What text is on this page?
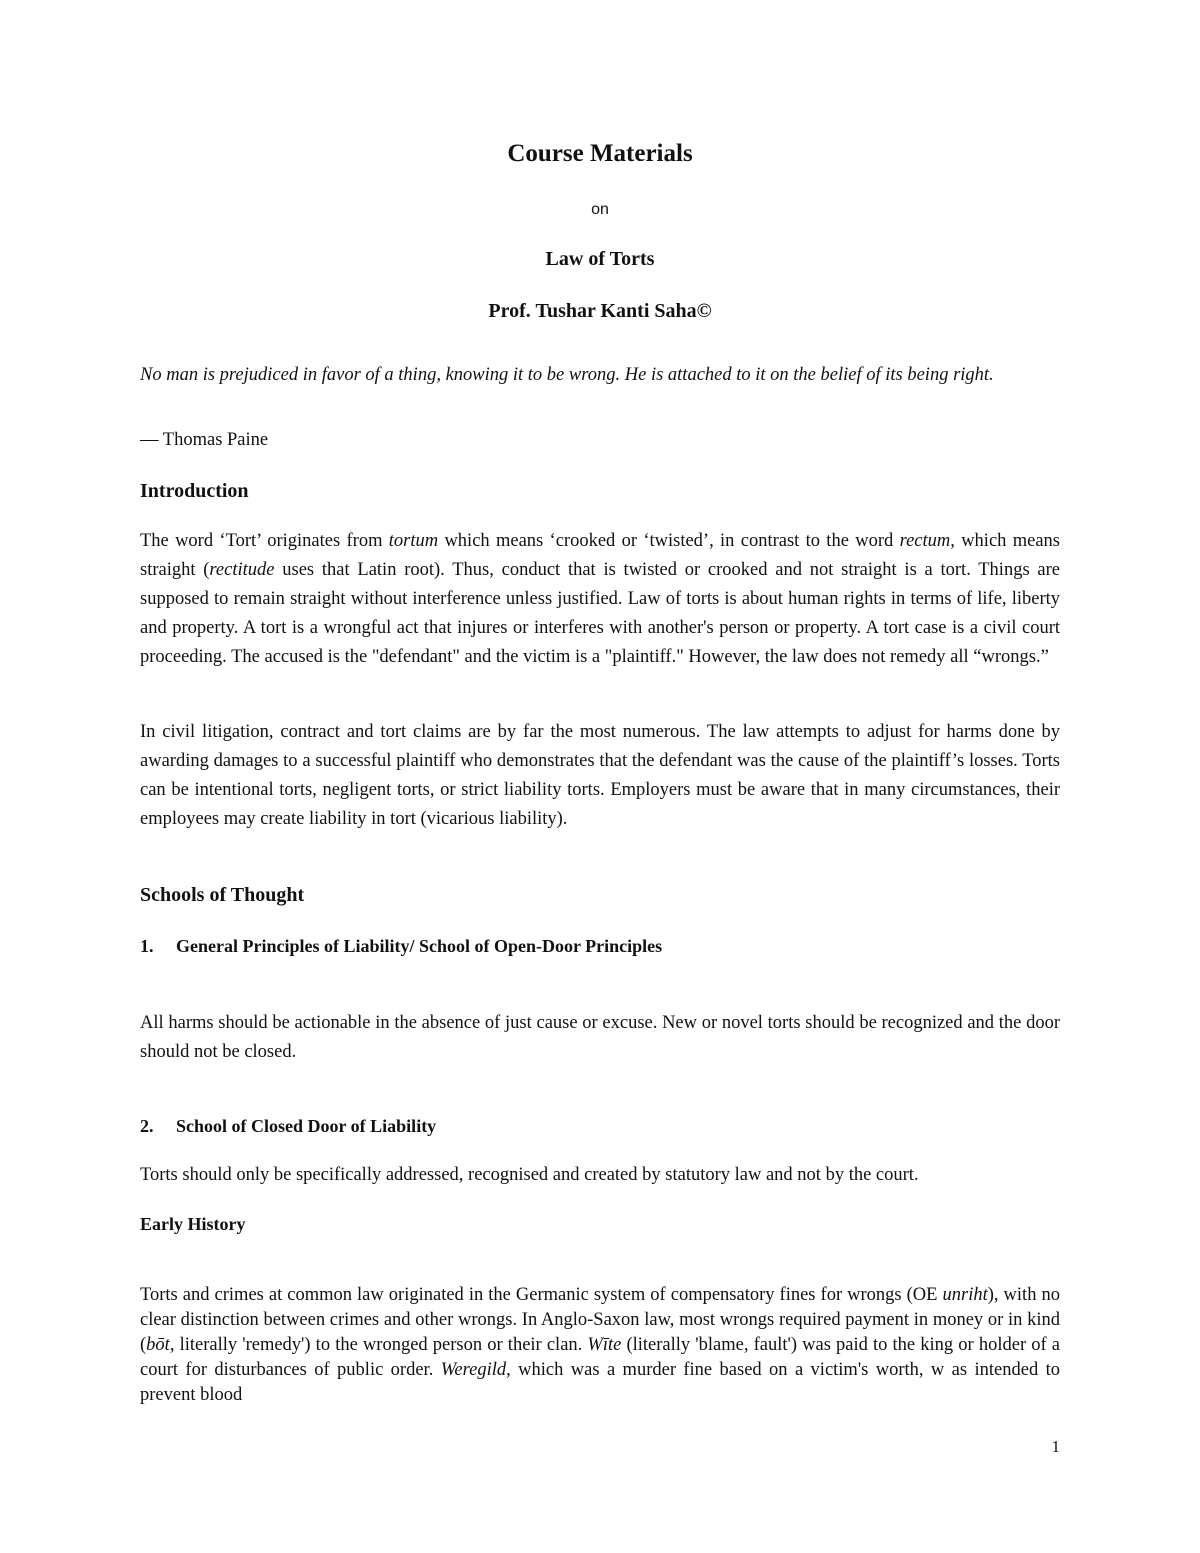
Course Materials
on
Law of Torts
Prof. Tushar Kanti Saha©
No man is prejudiced in favor of a thing, knowing it to be wrong. He is attached to it on the belief of its being right.
— Thomas Paine
Introduction
The word ‘Tort’ originates from tortum which means ‘crooked or ‘twisted’, in contrast to the word rectum, which means straight (rectitude uses that Latin root). Thus, conduct that is twisted or crooked and not straight is a tort. Things are supposed to remain straight without interference unless justified. Law of torts is about human rights in terms of life, liberty and property. A tort is a wrongful act that injures or interferes with another's person or property. A tort case is a civil court proceeding. The accused is the "defendant" and the victim is a "plaintiff." However, the law does not remedy all “wrongs.”
In civil litigation, contract and tort claims are by far the most numerous. The law attempts to adjust for harms done by awarding damages to a successful plaintiff who demonstrates that the defendant was the cause of the plaintiff’s losses. Torts can be intentional torts, negligent torts, or strict liability torts. Employers must be aware that in many circumstances, their employees may create liability in tort (vicarious liability).
Schools of Thought
1. General Principles of Liability/ School of Open-Door Principles
All harms should be actionable in the absence of just cause or excuse. New or novel torts should be recognized and the door should not be closed.
2. School of Closed Door of Liability
Torts should only be specifically addressed, recognised and created by statutory law and not by the court.
Early History
Torts and crimes at common law originated in the Germanic system of compensatory fines for wrongs (OE unriht), with no clear distinction between crimes and other wrongs. In Anglo-Saxon law, most wrongs required payment in money or in kind (bōt, literally 'remedy') to the wronged person or their clan. Wīte (literally 'blame, fault') was paid to the king or holder of a court for disturbances of public order. Weregild, which was a murder fine based on a victim's worth, w as intended to prevent blood
1
